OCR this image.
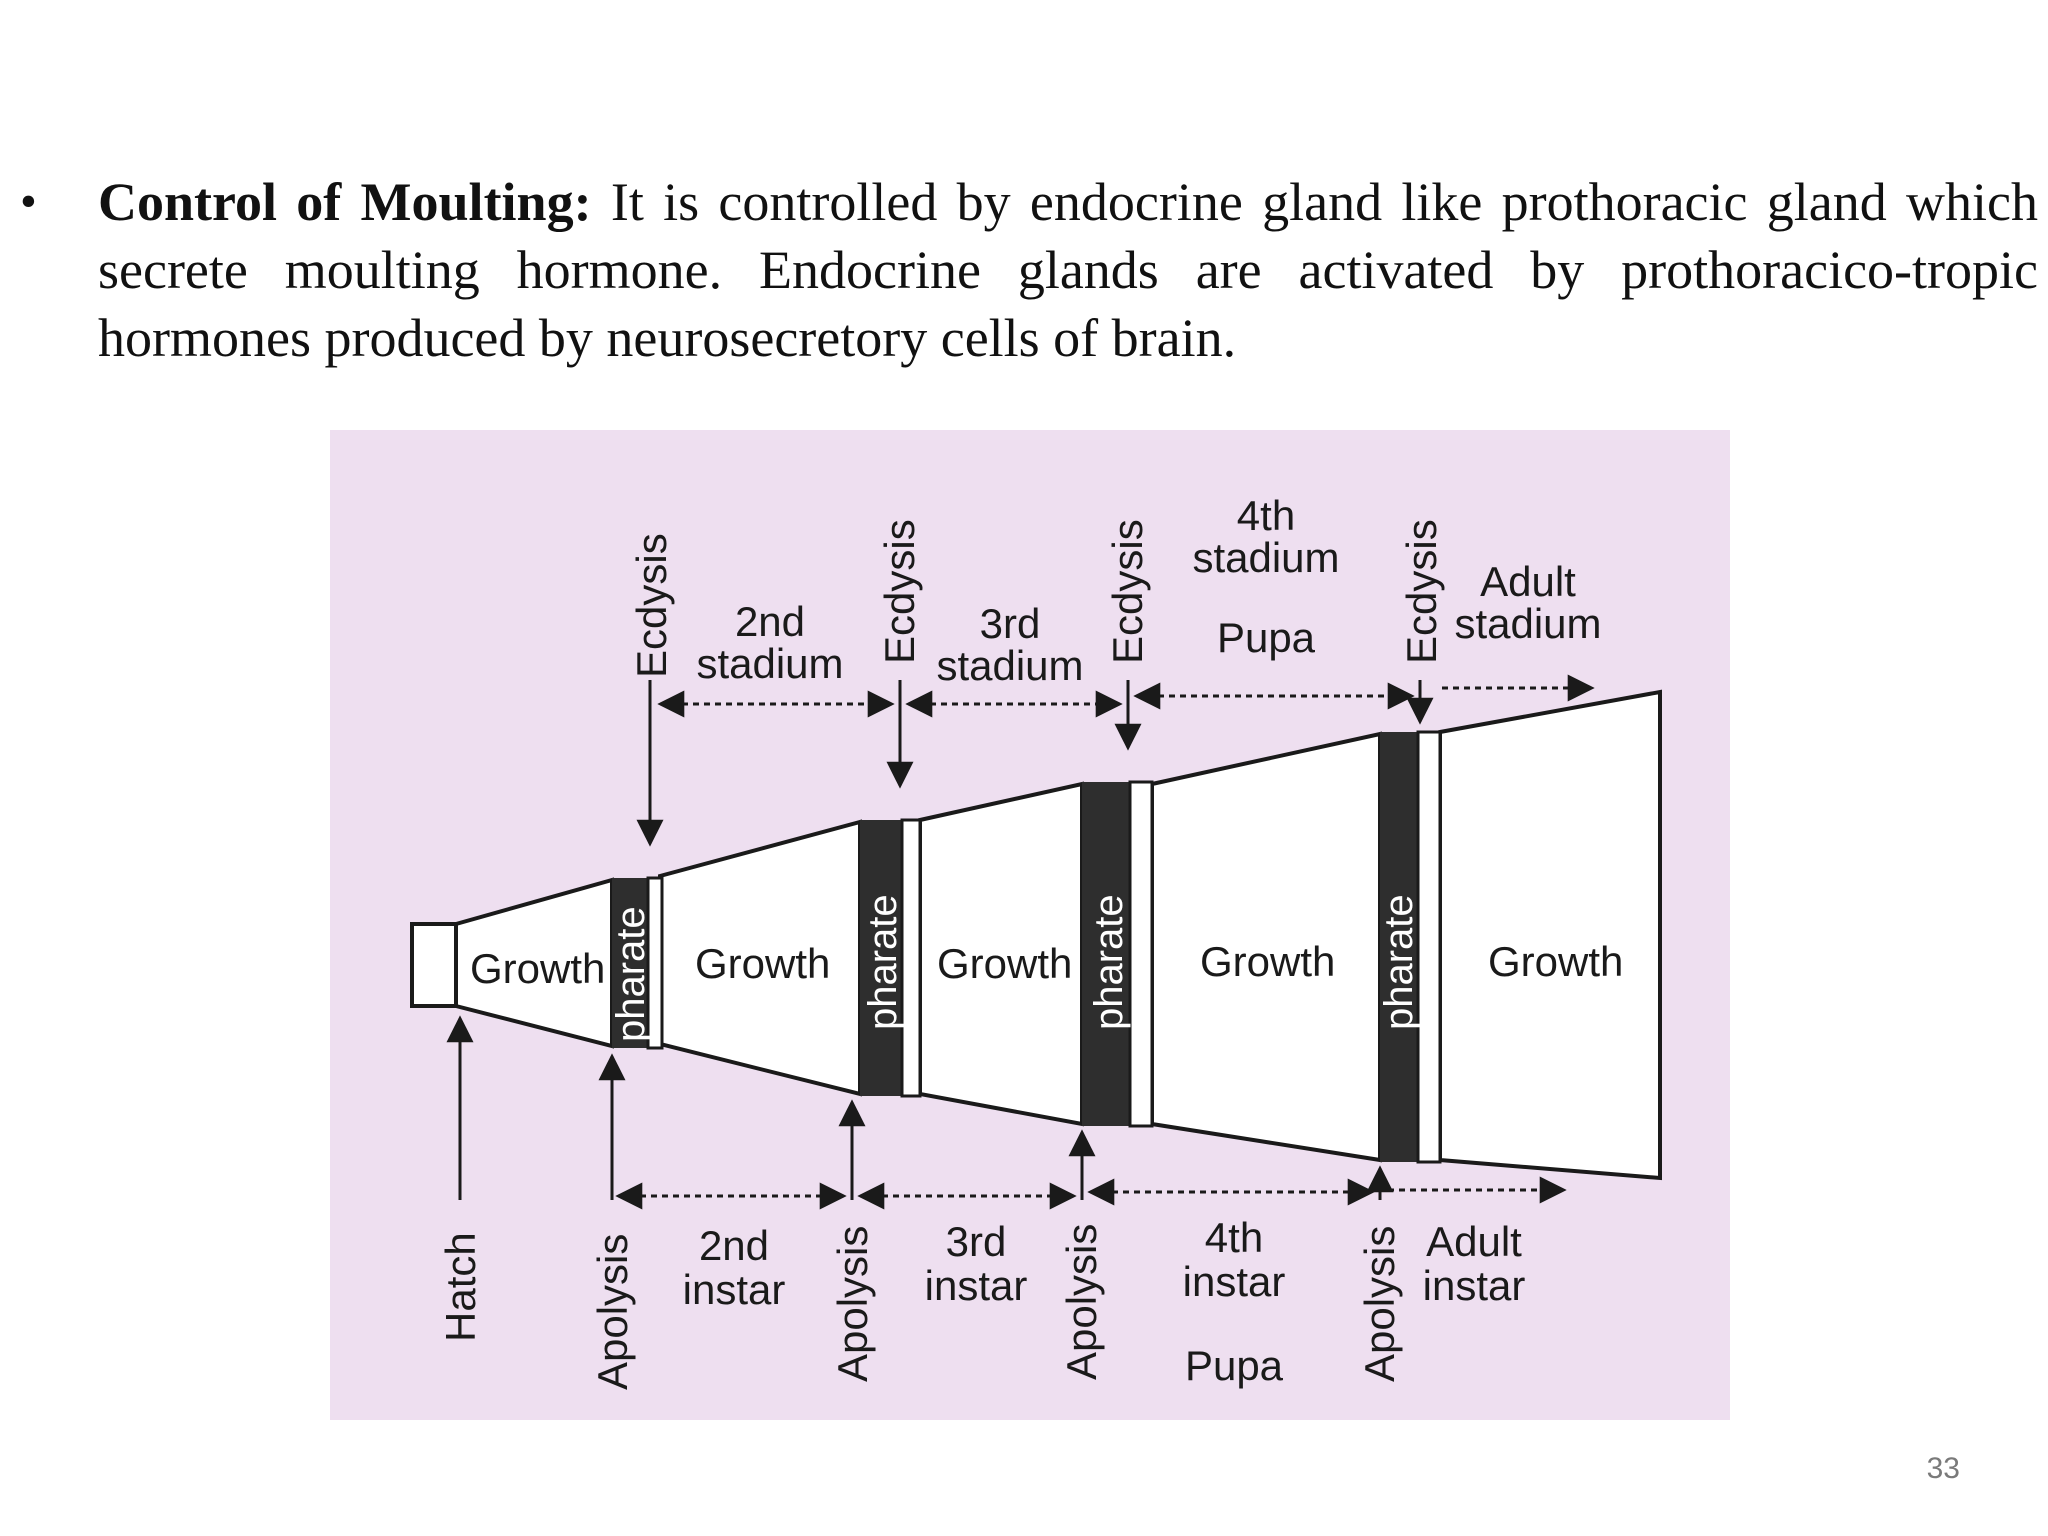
• Control of Moulting: It is controlled by endocrine gland like prothoracic gland which secrete moulting hormone. Endocrine glands are activated by prothoracico-tropic hormones produced by neurosecretory cells of brain.

Growth Growth	Growth	Growth	Growth
pharate	pharate	pharate	pharate
Ecdysis	Ecdysis	Ecdysis	Ecdysis
2nd
stadium
3rd
stadium
4th
stadium
Pupa
Adult
stadium
Hatch	Apolysis	Apolysis	Apolysis	Apolysis
2nd
instar
3rd
instar
4th
instar
Pupa
Adult
instar
33
